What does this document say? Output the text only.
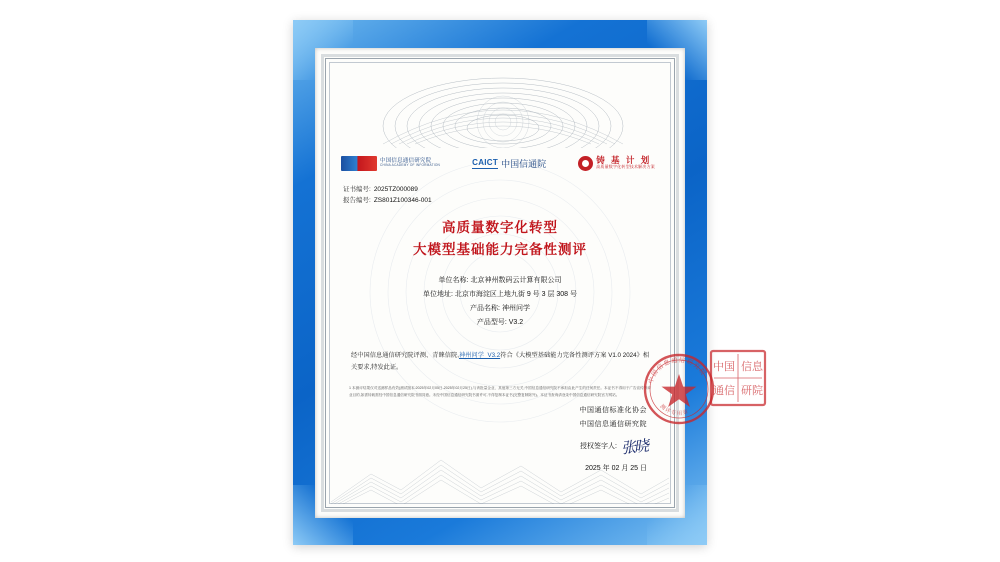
中国信息通信研究院
CHINA ACADEMY OF INFORMATION	CAICT 中国信通院	铸 基 计 划
高质量数字化转型技术解决方案
证书编号: 2025TZ000089
报告编号: ZS801Z100346-001
高质量数字化转型
大模型基础能力完备性测评
单位名称: 北京神州数码云计算有限公司
单位地址: 北京市海淀区上地九街 9 号 3 层 308 号
产品名称: 神州问学
产品型号: V3.2
经中国信息通信研究院评测、青睐信院,神州问学_V3.2符合《大模型基础能力完备性测评方案 V1.0 2024》相关要求,特发此证。
1 本测评结果仅对送测样品有效(测试版本:2025年02月05日-2025年02月25日),与该批量企业、其他第三方无关,中国信息通信研究院不承担由此产生的任何责任。本证书不得用于广告宣传等商业目的,如需转载需经中国信息通信研究院书面同意。未经中国信息通信研究院书面许可,不得复制本证书(完整复制除外)。本证书查询请登录中国信息通信研究院官方网站。
中国通信标准化协会
中国信息通信研究院
授权签字人: 张晓
2025 年 02 月 25 日
中国信息通信研究院
测评专用章
中国 信息
通信 研院
